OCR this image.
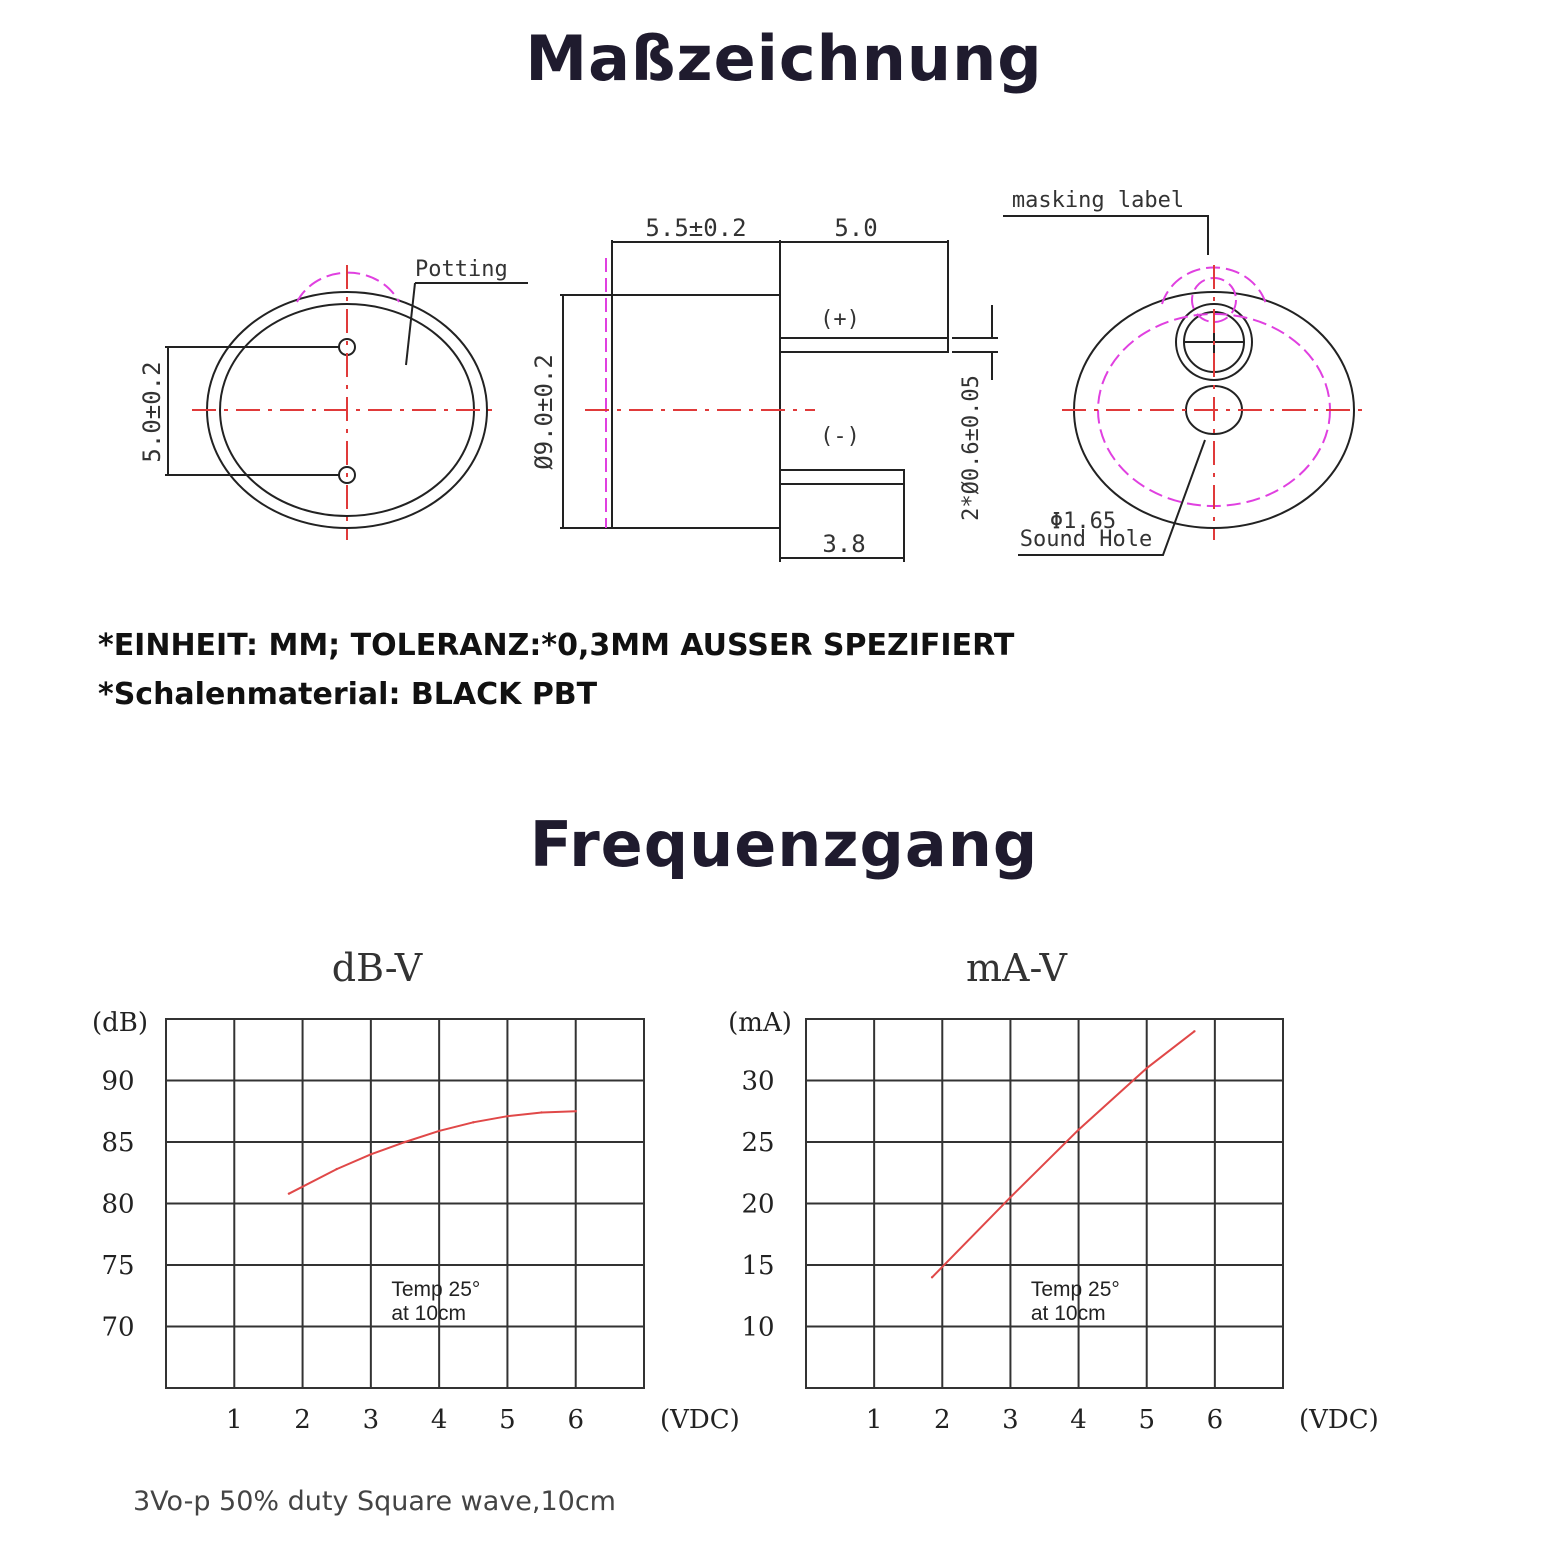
Maßzeichnung
Frequenzgang
*EINHEIT: MM; TOLERANZ:*0,3MM AUSSER SPEZIFIERT
*Schalenmaterial: BLACK PBT
3Vo-p 50% duty Square wave,10cm
Potting
5.0±0.2
5.5±0.2	5.0
(+)
(-)
3.8
Ø9.0±0.2	2*Ø0.6±0.05
masking label
Φ1.65
Sound Hole
dB-V
(dB)
(VDC)
1 2 3 4 5 6
70
75
80
85
90
Temp 25°
at 10cm
mA-V
(mA)
(VDC)
1 2 3 4 5 6
10
15
20
25
30
Temp 25°
at 10cm
